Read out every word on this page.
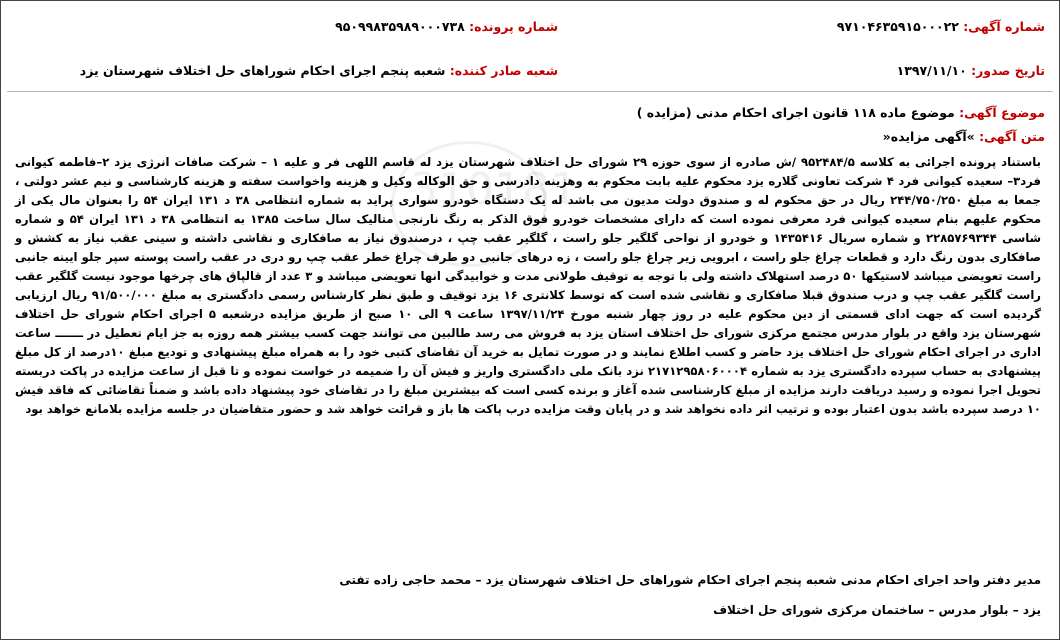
310181
شماره آگهی: ۹۷۱۰۴۶۳۵۹۱۵۰۰۰۲۲
شماره پرونده: ۹۵۰۹۹۸۳۵۹۸۹۰۰۰۷۳۸
تاریخ صدور: ۱۳۹۷/۱۱/۱۰
شعبه صادر کننده: شعبه پنجم اجرای احکام شوراهای حل اختلاف شهرستان یزد
موضوع آگهی: موضوع ماده ۱۱۸ قانون اجرای احکام مدنی (مزایده )
متن آگهی: »آگهی مزایده«
باستناد پرونده اجرائی به کلاسه ۹۵۲۴۸۴/۵ /ش صادره از سوی حوزه ۲۹ شورای حل اختلاف شهرستان یزد له قاسم اللهی فر و علیه ۱ – شرکت صافات انرژی یزد ۲–فاطمه کیوانی فرد۳– سعیده کیوانی فرد ۴ شرکت تعاونی گلاره یزد محکوم علیه بابت محکوم به وهزینه دادرسی و حق الوکاله وکیل و هزینه واخواست سفته و هزینه کارشناسی و نیم عشر دولتی ، جمعا به مبلغ ۲۴۴/۷۵۰/۲۵۰ ریال در حق محکوم له و صندوق دولت مدیون می باشد له یک دستگاه خودرو سواری پراید به شماره انتظامی ۳۸ د ۱۳۱ ایران ۵۴ را بعنوان مال یکی از محکوم علیهم بنام سعیده کیوانی فرد معرفی نموده است که دارای مشخصات خودرو فوق الذکر به رنگ نارنجی متالیک سال ساخت ۱۳۸۵ به انتظامی ۳۸ د ۱۳۱ ایران ۵۴ و شماره شاسی ۲۲۸۵۷۶۹۳۴۴ و شماره سریال ۱۴۳۵۴۱۶ و خودرو از نواحی گلگیر جلو راست ، گلگیر عقب چپ ، درصندوق نیاز به صافکاری و نقاشی داشته و سینی عقب نیاز به کشش و صافکاری بدون رنگ دارد و قطعات چراغ جلو راست ، ابرویی زیر چراغ جلو راست ، زه درهای جانبی دو طرف چراغ خطر عقب چپ رو دری در عقب راست پوسته سپر جلو ایینه جانبی راست تعویضی میباشد لاستیکها ۵۰ درصد استهلاک داشته ولی با توجه به توقیف طولانی مدت و خوابیدگی انها تعویضی میباشد و ۳ عدد از قالپاق های چرخها موجود نیست گلگیر عقب راست گلگیر عقب چپ و درب صندوق قبلا صافکاری و نقاشی شده است که توسط کلانتری ۱۶ یزد توقیف و طبق نظر کارشناس رسمی دادگستری به مبلغ ۹۱/۵۰۰/۰۰۰ ریال ارزیابی گردیده است که جهت ادای قسمتی از دین محکوم علیه در روز چهار شنبه مورخ ۱۳۹۷/۱۱/۲۴ ساعت ۹ الی ۱۰ صبح از طریق مزایده درشعبه ۵ اجرای احکام شورای حل اختلاف شهرستان یزد واقع در بلوار مدرس مجتمع مرکزی شورای حل اختلاف استان یزد به فروش می رسد طالبین می توانند جهت کسب بیشتر همه روزه به جز ایام تعطیل در ـــــــ ساعت اداری در اجرای احکام شورای حل اختلاف یزد حاضر و کسب اطلاع نمایند و در صورت تمایل به خرید آن تقاضای کتبی خود را به همراه مبلغ پیشنهادی و تودیع مبلغ ۱۰درصد از کل مبلغ پیشنهادی به حساب سپرده دادگستری یزد به شماره ۲۱۷۱۲۹۵۸۰۶۰۰۰۴ نزد بانک ملی دادگستری واریز و فیش آن را ضمیمه در خواست نموده و تا قبل از ساعت مزایده در پاکت دربسته تحویل اجرا نموده و رسید دریافت دارند مزایده از مبلغ کارشناسی شده آغاز و برنده کسی است که بیشترین مبلغ را در تقاضای خود پیشنهاد داده باشد و ضمناً تقاضائی که فاقد فیش ۱۰ درصد سپرده باشد بدون اعتبار بوده و ترتیب اثر داده نخواهد شد و در پایان وقت مزایده درب پاکت ها باز و قرائت خواهد شد و حضور متقاضیان در جلسه مزایده بلامانع خواهد بود
مدیر دفتر واحد اجرای احکام مدنی شعبه پنجم اجرای احکام شوراهای حل اختلاف شهرستان یزد – محمد حاجی زاده تفتی
یزد – بلوار مدرس – ساختمان مرکزی شورای حل اختلاف
